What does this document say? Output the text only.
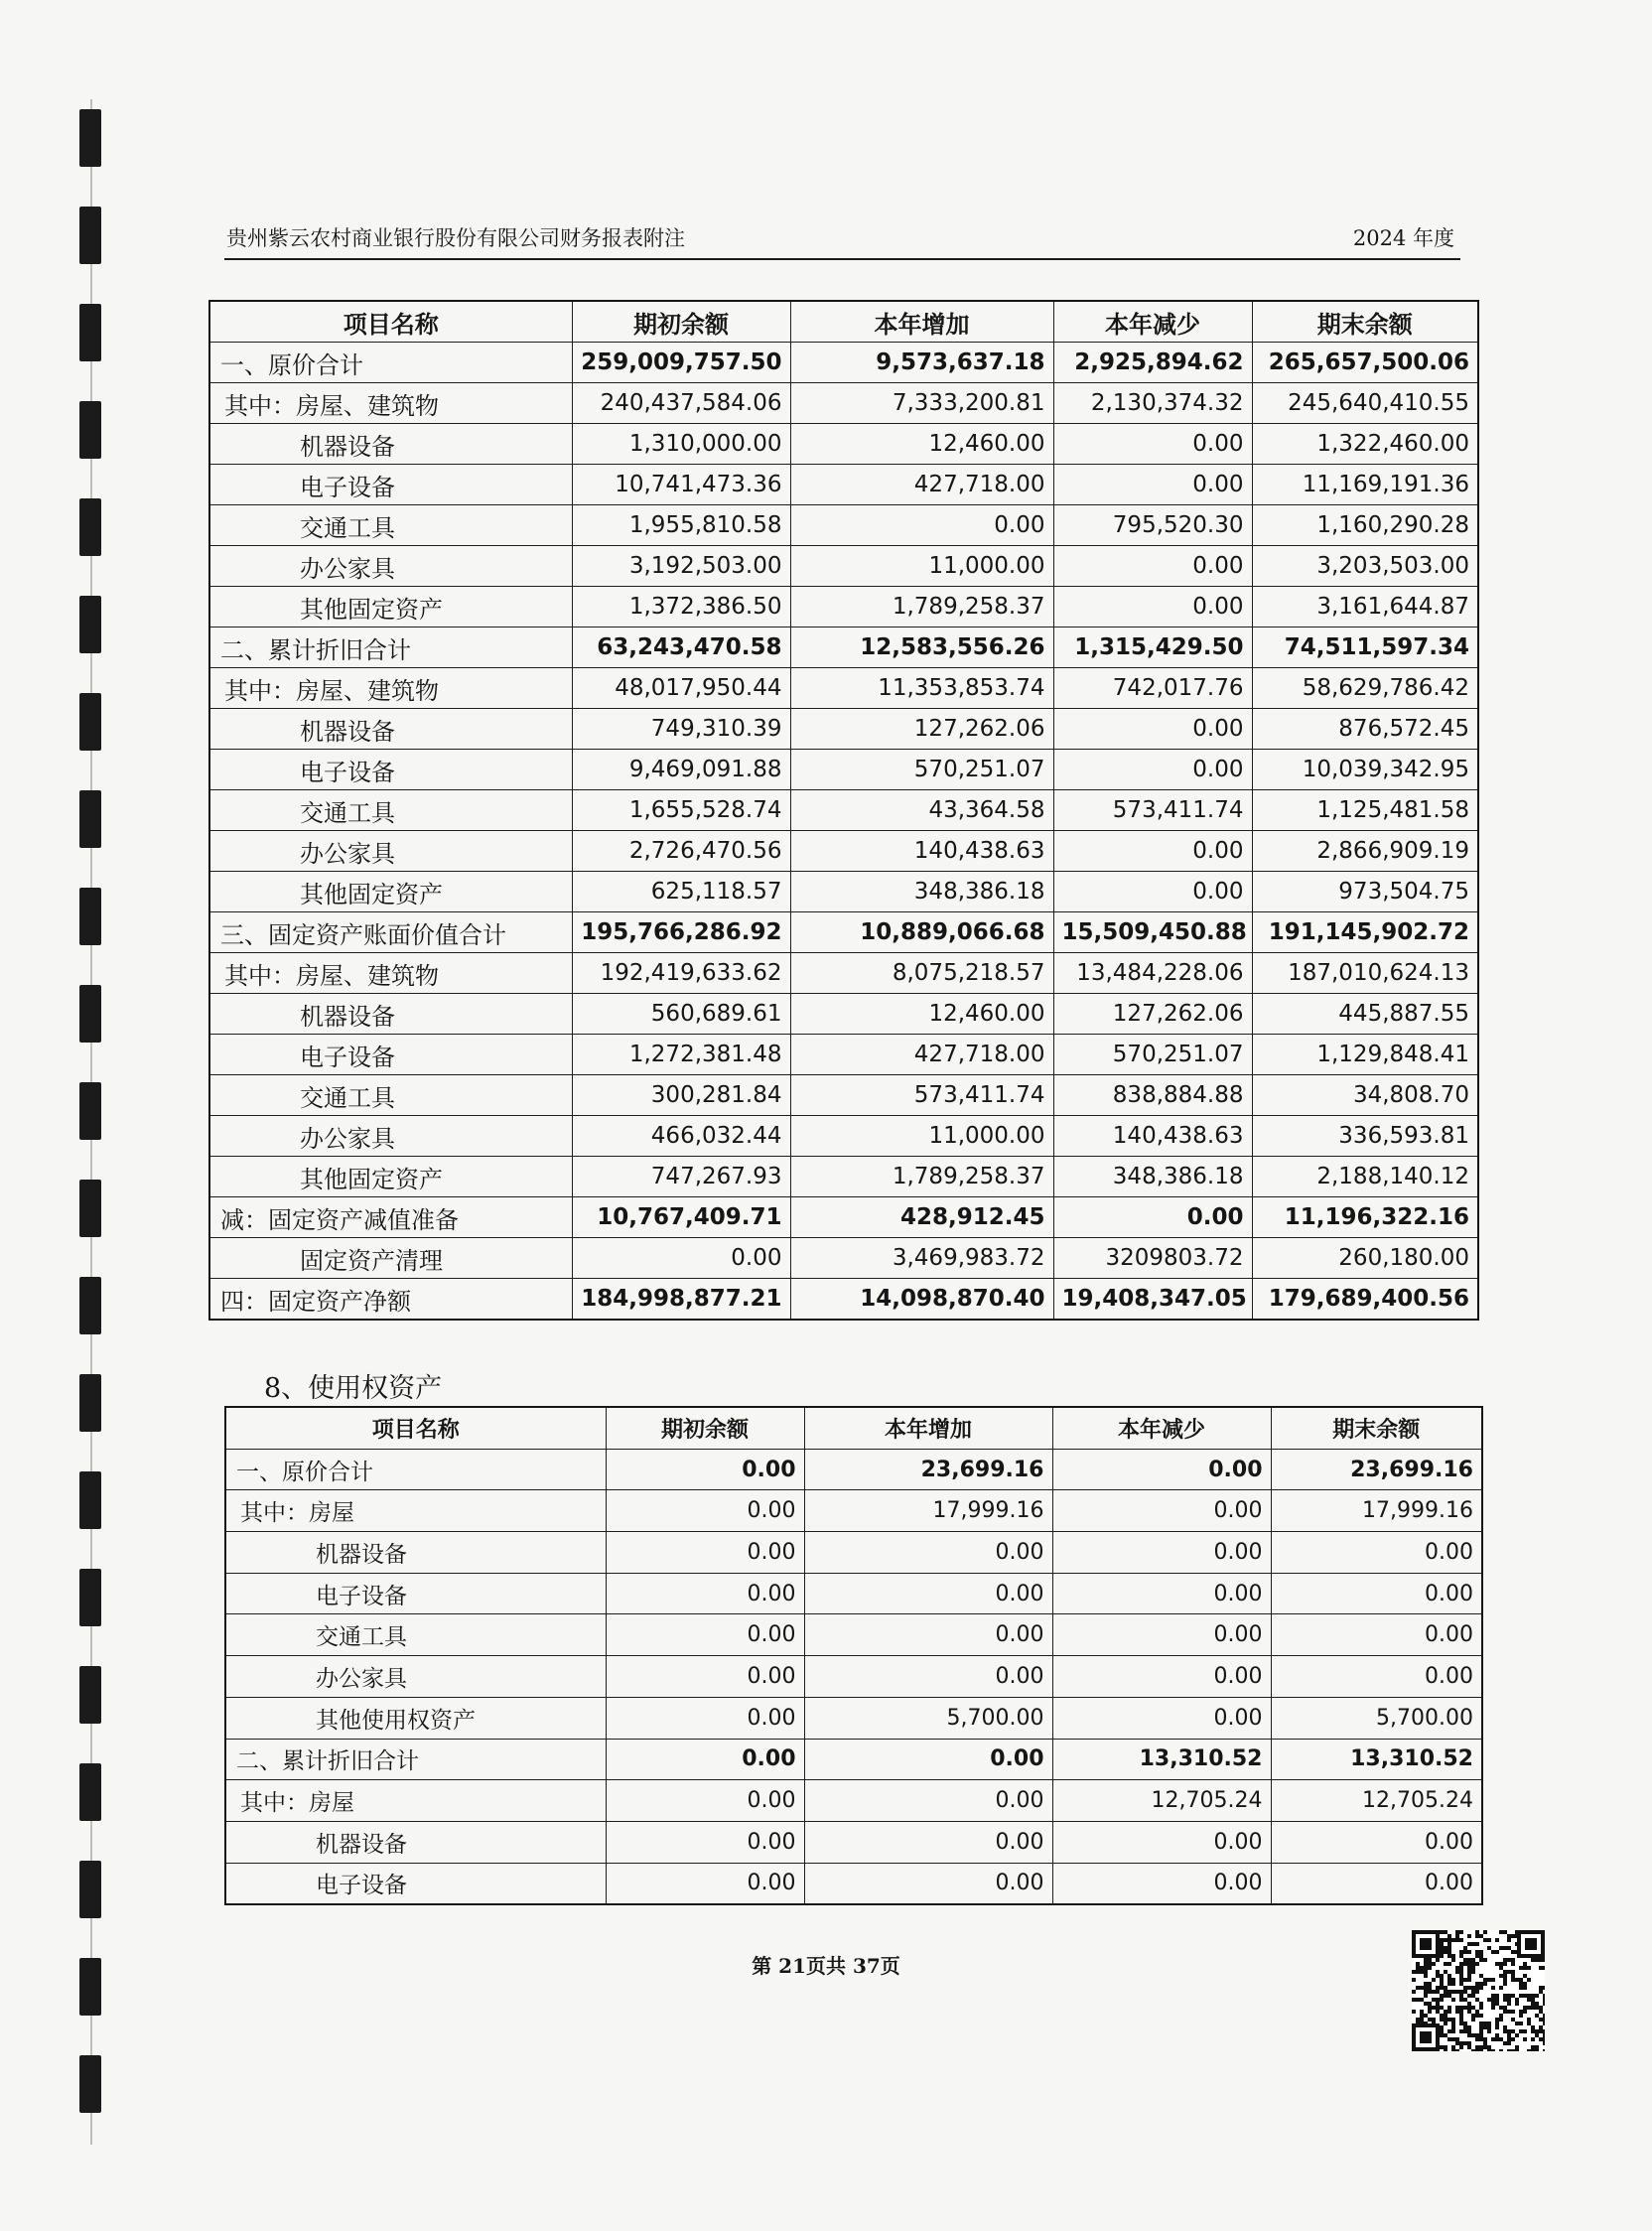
贵州紫云农村商业银行股份有限公司财务报表附注	2024 年度
项目名称	期初余额	本年增加	本年减少	期末余额
一、原价合计	259,009,757.50	9,573,637.18	2,925,894.62	265,657,500.06
其中：房屋、建筑物	240,437,584.06	7,333,200.81	2,130,374.32	245,640,410.55
机器设备	1,310,000.00	12,460.00	0.00	1,322,460.00
电子设备	10,741,473.36	427,718.00	0.00	11,169,191.36
交通工具	1,955,810.58	0.00	795,520.30	1,160,290.28
办公家具	3,192,503.00	11,000.00	0.00	3,203,503.00
其他固定资产	1,372,386.50	1,789,258.37	0.00	3,161,644.87
二、累计折旧合计	63,243,470.58	12,583,556.26	1,315,429.50	74,511,597.34
其中：房屋、建筑物	48,017,950.44	11,353,853.74	742,017.76	58,629,786.42
机器设备	749,310.39	127,262.06	0.00	876,572.45
电子设备	9,469,091.88	570,251.07	0.00	10,039,342.95
交通工具	1,655,528.74	43,364.58	573,411.74	1,125,481.58
办公家具	2,726,470.56	140,438.63	0.00	2,866,909.19
其他固定资产	625,118.57	348,386.18	0.00	973,504.75
三、固定资产账面价值合计	195,766,286.92	10,889,066.68	15,509,450.88	191,145,902.72
其中：房屋、建筑物	192,419,633.62	8,075,218.57	13,484,228.06	187,010,624.13
机器设备	560,689.61	12,460.00	127,262.06	445,887.55
电子设备	1,272,381.48	427,718.00	570,251.07	1,129,848.41
交通工具	300,281.84	573,411.74	838,884.88	34,808.70
办公家具	466,032.44	11,000.00	140,438.63	336,593.81
其他固定资产	747,267.93	1,789,258.37	348,386.18	2,188,140.12
减：固定资产减值准备	10,767,409.71	428,912.45	0.00	11,196,322.16
固定资产清理	0.00	3,469,983.72	3209803.72	260,180.00
四：固定资产净额	184,998,877.21	14,098,870.40	19,408,347.05	179,689,400.56
8、使用权资产
项目名称	期初余额	本年增加	本年减少	期末余额
一、原价合计	0.00	23,699.16	0.00	23,699.16
其中：房屋	0.00	17,999.16	0.00	17,999.16
机器设备	0.00	0.00	0.00	0.00
电子设备	0.00	0.00	0.00	0.00
交通工具	0.00	0.00	0.00	0.00
办公家具	0.00	0.00	0.00	0.00
其他使用权资产	0.00	5,700.00	0.00	5,700.00
二、累计折旧合计	0.00	0.00	13,310.52	13,310.52
其中：房屋	0.00	0.00	12,705.24	12,705.24
机器设备	0.00	0.00	0.00	0.00
电子设备	0.00	0.00	0.00	0.00
第 21页共 37页
